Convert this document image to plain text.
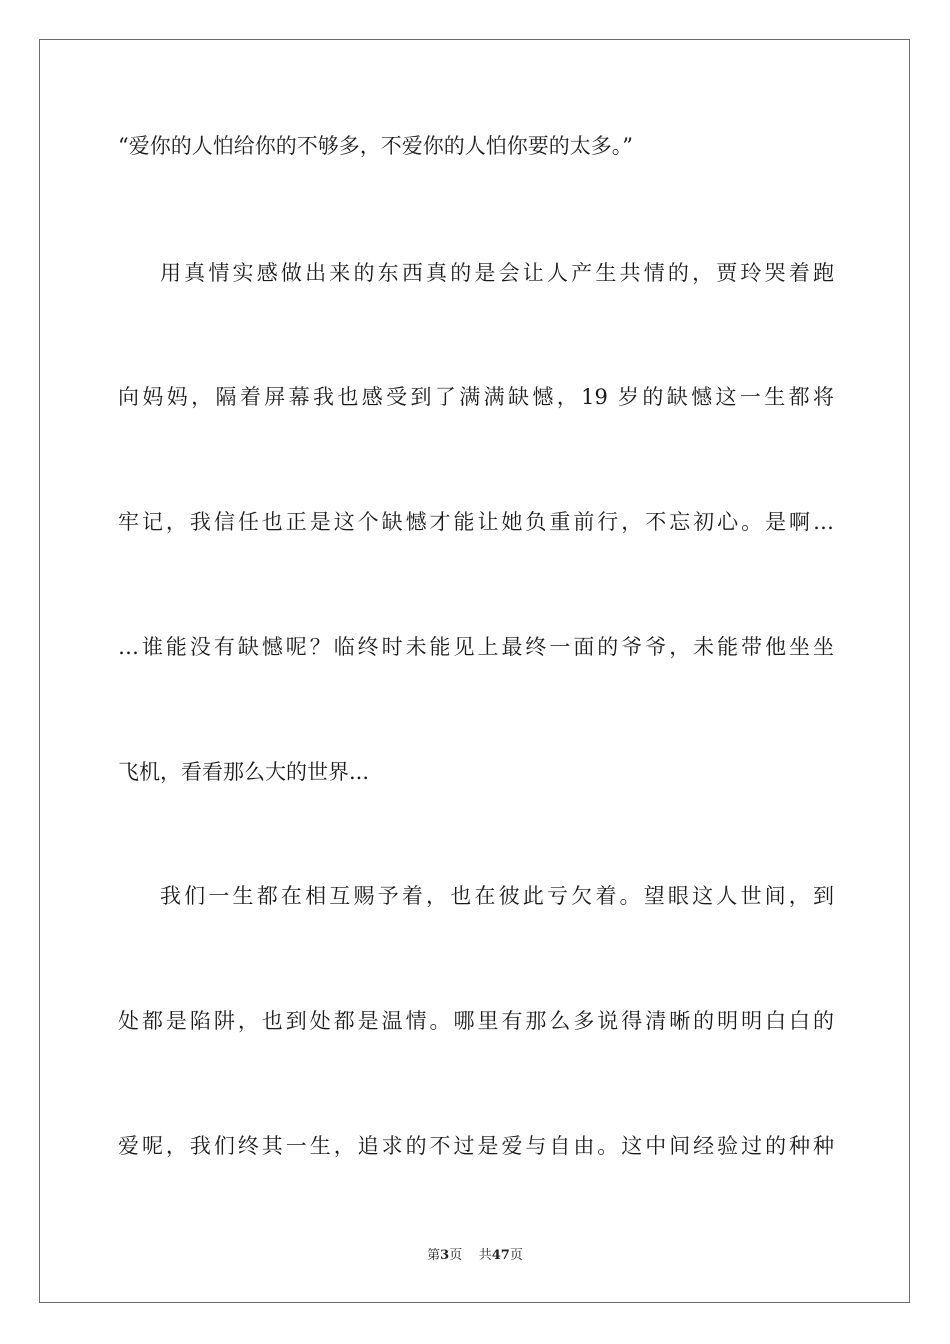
“爱你的人怕给你的不够多，不爱你的人怕你要的太多。”
用真情实感做出来的东西真的是会让人产生共情的，贾玲哭着跑
向妈妈，隔着屏幕我也感受到了满满缺憾，19 岁的缺憾这一生都将
牢记，我信任也正是这个缺憾才能让她负重前行，不忘初心。是啊…
…谁能没有缺憾呢？临终时未能见上最终一面的爷爷，未能带他坐坐
飞机，看看那么大的世界...
我们一生都在相互赐予着，也在彼此亏欠着。望眼这人世间，到
处都是陷阱，也到处都是温情。哪里有那么多说得清晰的明明白白的
爱呢，我们终其一生，追求的不过是爱与自由。这中间经验过的种种
第3页 共47页
